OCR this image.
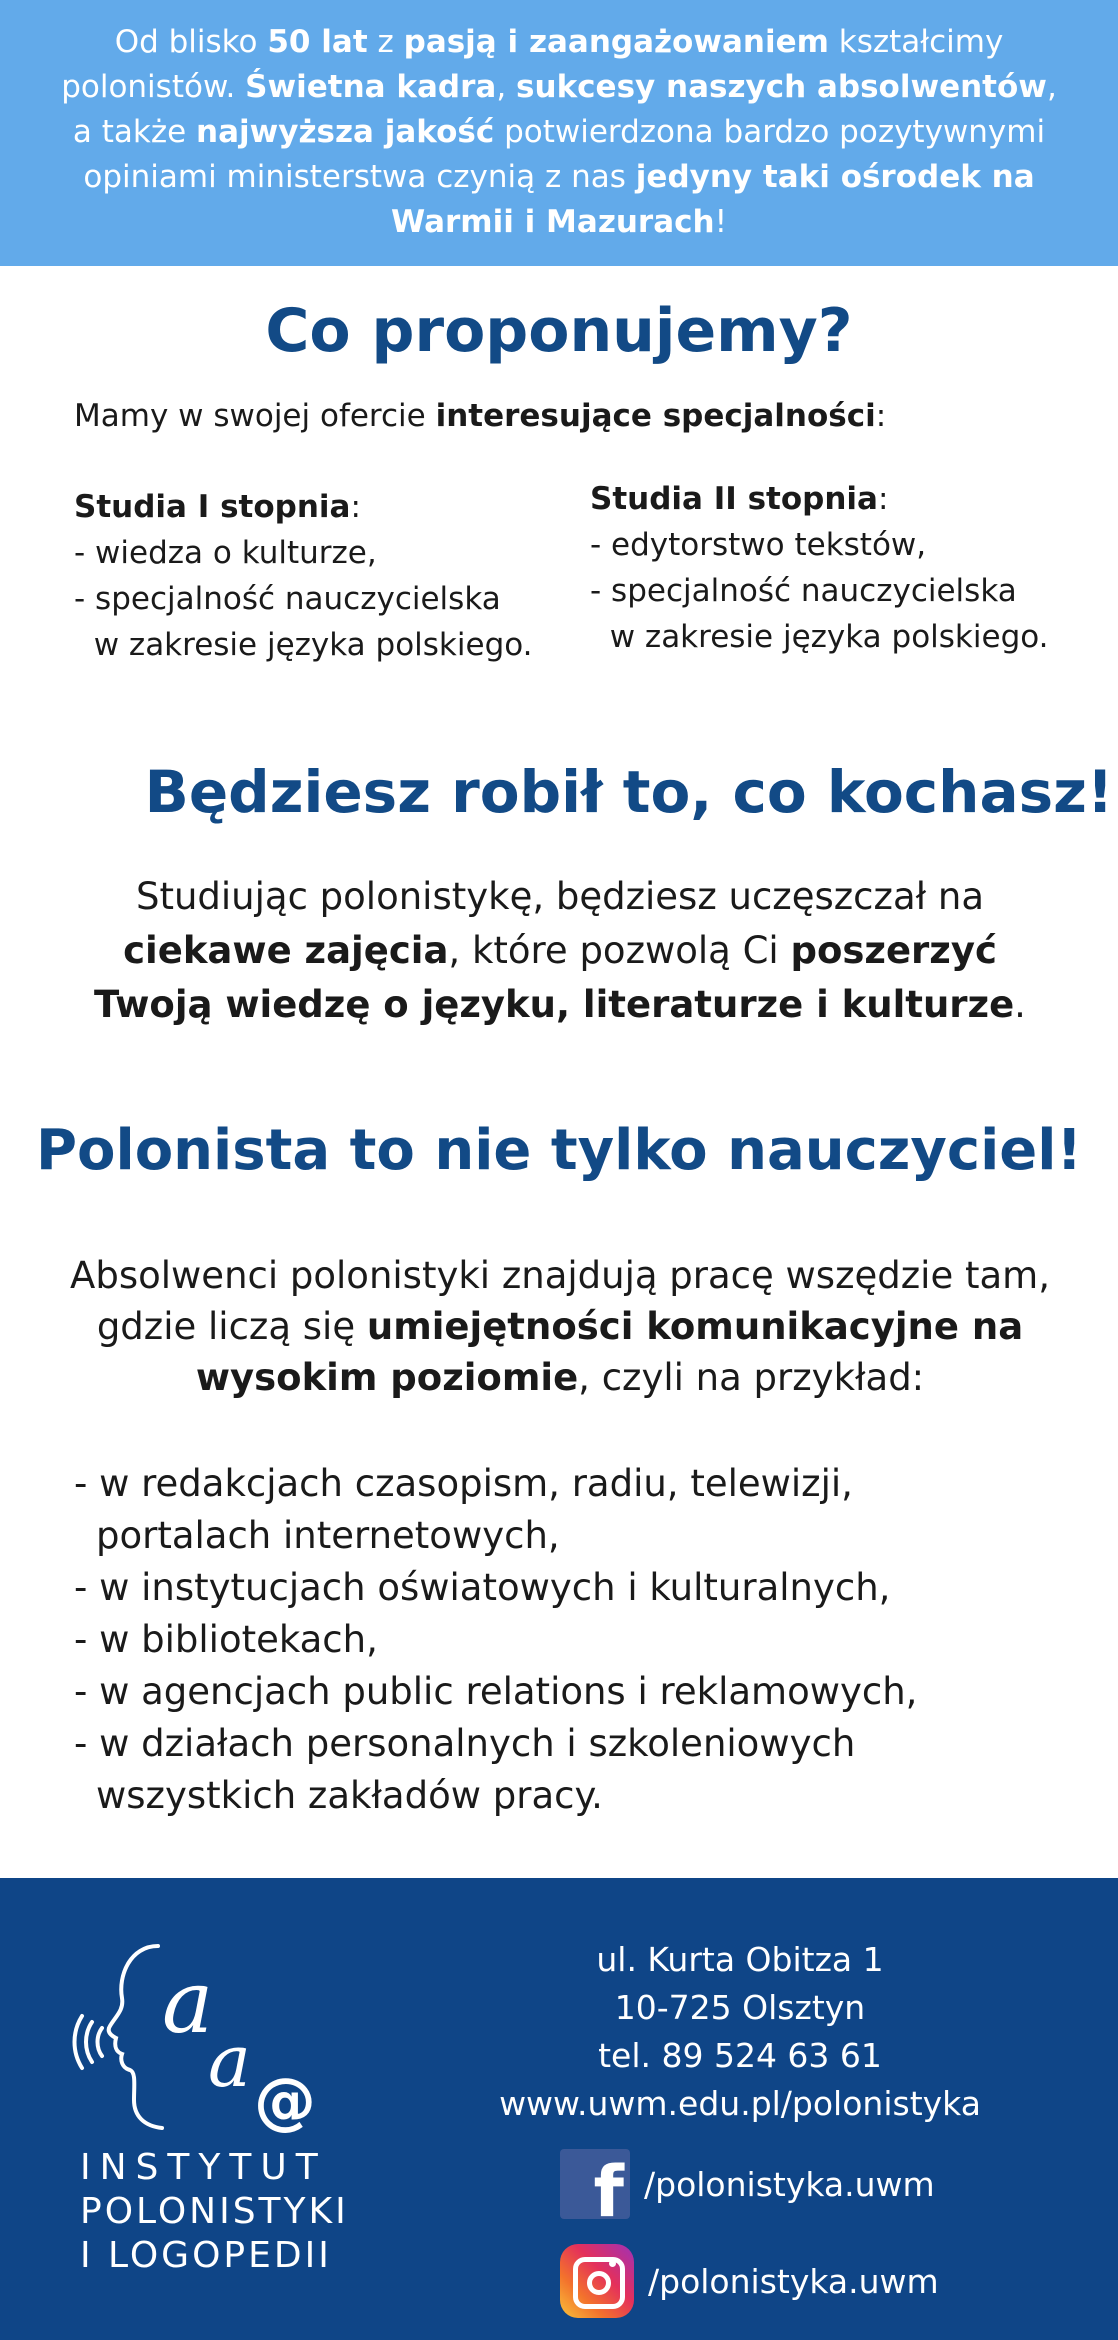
Od blisko 50 lat z pasją i zaangażowaniem kształcimy polonistów. Świetna kadra, sukcesy naszych absolwentów, a także najwyższa jakość potwierdzona bardzo pozytywnymi opiniami ministerstwa czynią z nas jedyny taki ośrodek na Warmii i Mazurach!

Co proponujemy?
Mamy w swojej ofercie interesujące specjalności:
Studia I stopnia:
- wiedza o kulturze,
- specjalność nauczycielska
w zakresie języka polskiego.
Studia II stopnia:
- edytorstwo tekstów,
- specjalność nauczycielska
w zakresie języka polskiego.
Będziesz robił to, co kochasz!
Studiując polonistykę, będziesz uczęszczał na ciekawe zajęcia, które pozwolą Ci poszerzyć Twoją wiedzę o języku, literaturze i kulturze.
Polonista to nie tylko nauczyciel!
Absolwenci polonistyki znajdują pracę wszędzie tam, gdzie liczą się umiejętności komunikacyjne na wysokim poziomie, czyli na przykład:
- w redakcjach czasopism, radiu, telewizji, portalach internetowych,
- w instytucjach oświatowych i kulturalnych,
- w bibliotekach,
- w agencjach public relations i reklamowych,
- w działach personalnych i szkoleniowych wszystkich zakładów pracy.
a
a @
INSTYTUT
POLONISTYKI
I LOGOPEDII
ul. Kurta Obitza 1
10-725 Olsztyn
tel. 89 524 63 61
www.uwm.edu.pl/polonistyka
f /polonistyka.uwm
/polonistyka.uwm
